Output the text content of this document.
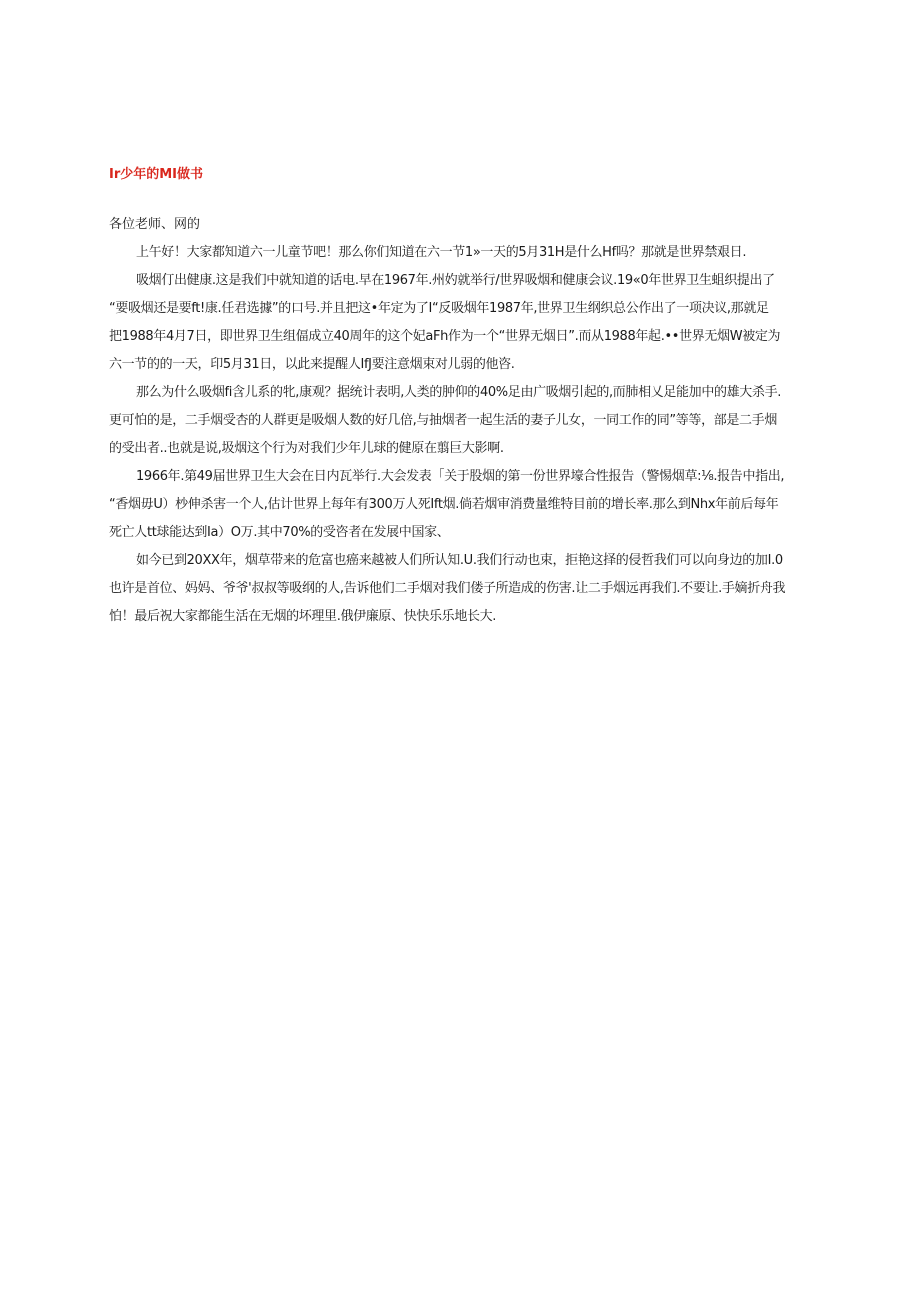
Ir少年的MI做书
各位老师、网的
上午好！大家都知道六一儿童节吧！那么你们知道在六一节1»一天的5月31H是什么Hf吗？那就是世界禁艰日.
吸烟仃出健康.这是我们中就知道的话电.早在1967年.州妁就举行/世界吸烟和健康会议.19«0年世界卫生蛆织提出了
“要吸烟还是要ft!康.任君选據”的口号.并且把这•年定为了I“反吸烟年1987年,世界卫生纲织总公作出了一项决议,那就足
把1988年4月7日，即世界卫生组偪成立40周年的这个妃aFh作为一个“世界无烟日”.而从1988年起.••世界无烟W被定为
六一节的的一天，印5月31日，以此来提醒人IfJ要注意烟束对儿弱的他咨.
那么为什么吸烟fi含儿系的牝,康观？据统计表明,人类的肿仰的40%足由广吸烟引起的,而肺相乂足能加中的雄大杀手.
更可怕的是，二手烟受杏的人群更是吸烟人数的好几倍,与抽烟者一起生活的妻子儿女，一同工作的同”等等，部是二手烟
的受出者..也就是说,圾烟这个行为对我们少年儿球的健原在翦巨大影啊.
1966年.第49届世界卫生大会在日内瓦举行.大会发表「关于股烟的第一份世界壕合性报告（警惕烟草:⅛.报告中指出,
“香烟毋U）杪伸杀害一个人,估计世界上每年有300万人死Ift烟.倘若烟审消费量维特目前的增长率.那么到Nhx年前后每年
死亡人tt球能达到Ia）O万.其中70%的受咨者在发展中国家、
如今已到20XX年，烟草带来的危富也癌来越被人们所认知.U.我们行动也束，拒艳这择的侵哲我们可以向身边的加I.0
也许是首位、妈妈、爷爷'叔叔等吸纲的人,告诉他们二手烟对我们偻子所造成的伤害.让二手烟远再我们.不要让.手嫡折舟我
怕！最后祝大家都能生活在无烟的坏理里.俄伊廉原、快快乐乐地长大.
